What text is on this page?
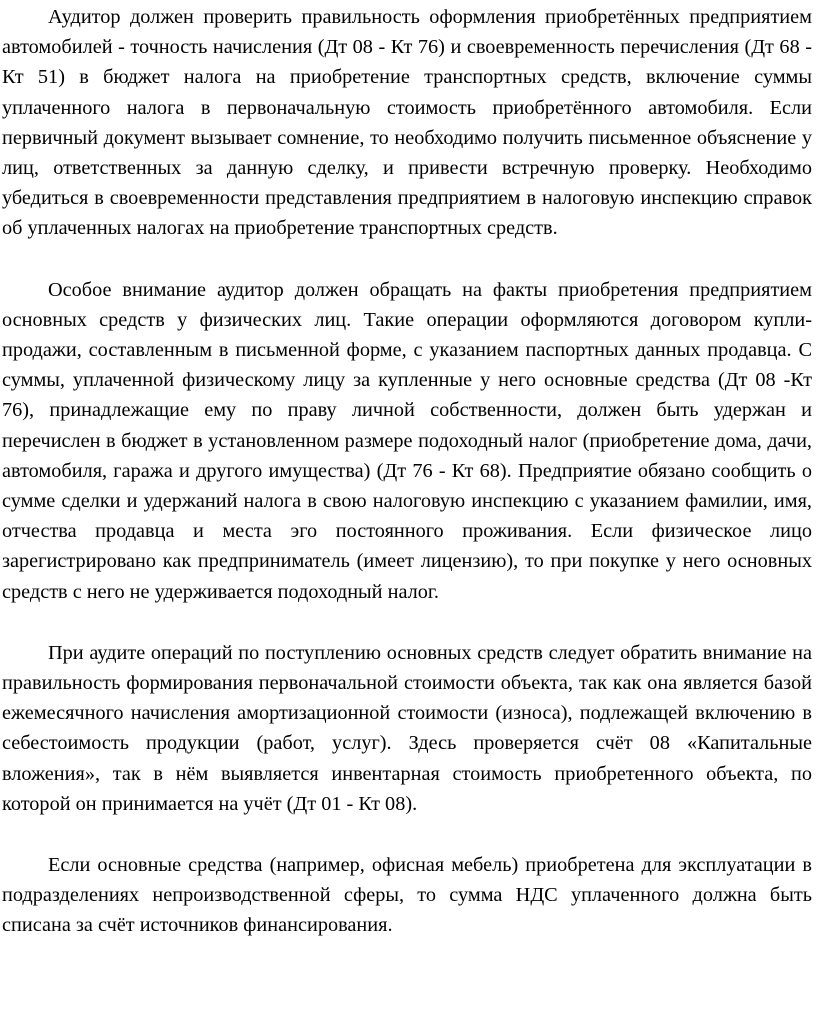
Аудитор должен проверить правильность оформления приобретённых предприятием автомобилей - точность начисления (Дт 08 - Кт 76) и своевременность перечисления (Дт 68 - Кт 51) в бюджет налога на приобретение транспортных средств, включение суммы уплаченного налога в первоначальную стоимость приобретённого автомобиля. Если первичный документ вызывает сомнение, то необходимо получить письменное объяснение у лиц, ответственных за данную сделку, и привести встречную проверку. Необходимо убедиться в своевременности представления предприятием в налоговую инспекцию справок об уплаченных налогах на приобретение транспортных средств.

Особое внимание аудитор должен обращать на факты приобретения предприятием основных средств у физических лиц. Такие операции оформляются договором купли-продажи, составленным в письменной форме, с указанием паспортных данных продавца. С суммы, уплаченной физическому лицу за купленные у него основные средства (Дт 08 -Кт 76), принадлежащие ему по праву личной собственности, должен быть удержан и перечислен в бюджет в установленном размере подоходный налог (приобретение дома, дачи, автомобиля, гаража и другого имущества) (Дт 76 - Кт 68). Предприятие обязано сообщить о сумме сделки и удержаний налога в свою налоговую инспекцию с указанием фамилии, имя, отчества продавца и места эго постоянного проживания. Если физическое лицо зарегистрировано как предприниматель (имеет лицензию), то при покупке у него основных средств с него не удерживается подоходный налог.

При аудите операций по поступлению основных средств следует обратить внимание на правильность формирования первоначальной стоимости объекта, так как она является базой ежемесячного начисления амортизационной стоимости (износа), подлежащей включению в себестоимость продукции (работ, услуг). Здесь проверяется счёт 08 «Капитальные вложения», так в нём выявляется инвентарная стоимость приобретенного объекта, по которой он принимается на учёт (Дт 01 - Кт 08).

Если основные средства (например, офисная мебель) приобретена для эксплуатации в подразделениях непроизводственной сферы, то сумма НДС уплаченного должна быть списана за счёт источников финансирования.
